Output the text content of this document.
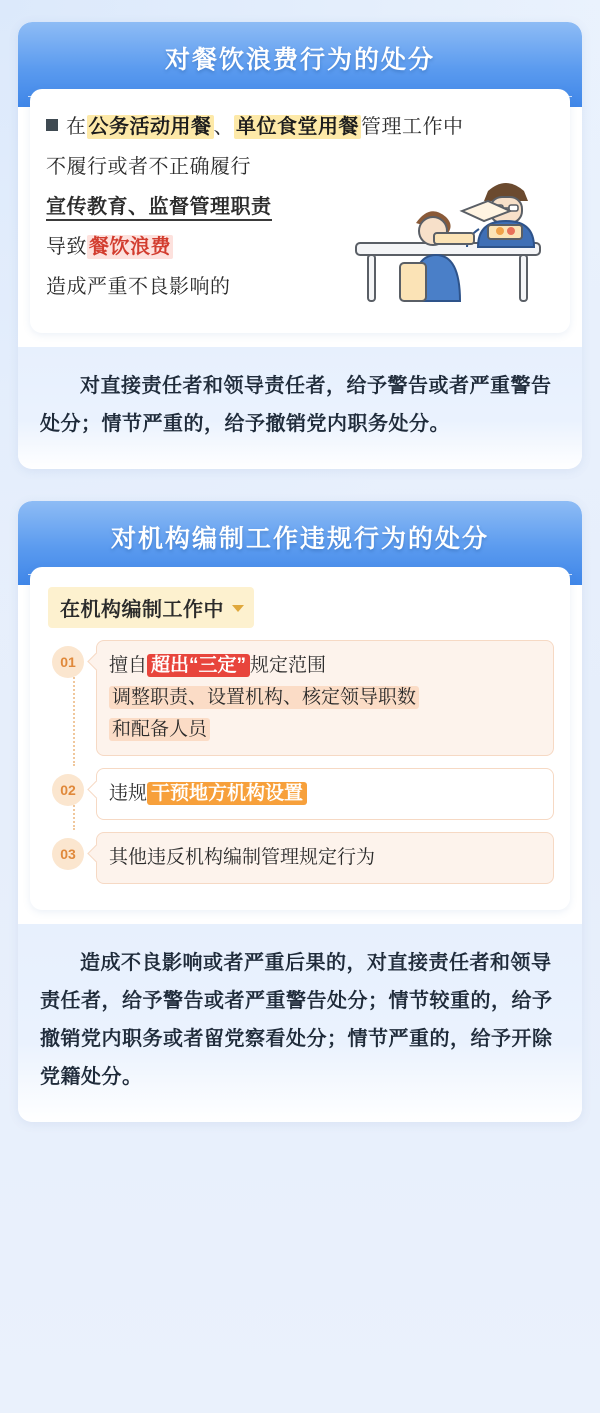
对餐饮浪费行为的处分
在 公务活动用餐 、 单位食堂用餐 管理工作中
不履行或者不正确履行
宣传教育、监督管理职责
导致 餐饮浪费
造成严重不良影响的
对直接责任者和领导责任者，给予警告或者严重警告处分；情节严重的，给予撤销党内职务处分。
对机构编制工作违规行为的处分
在机构编制工作中
01	擅自 超出“三定” 规定范围
调整职责、设置机构、核定领导职数
和配备人员
02	违规 干预地方机构设置
03	其他违反机构编制管理规定行为
造成不良影响或者严重后果的，对直接责任者和领导责任者，给予警告或者严重警告处分；情节较重的，给予撤销党内职务或者留党察看处分；情节严重的，给予开除党籍处分。
